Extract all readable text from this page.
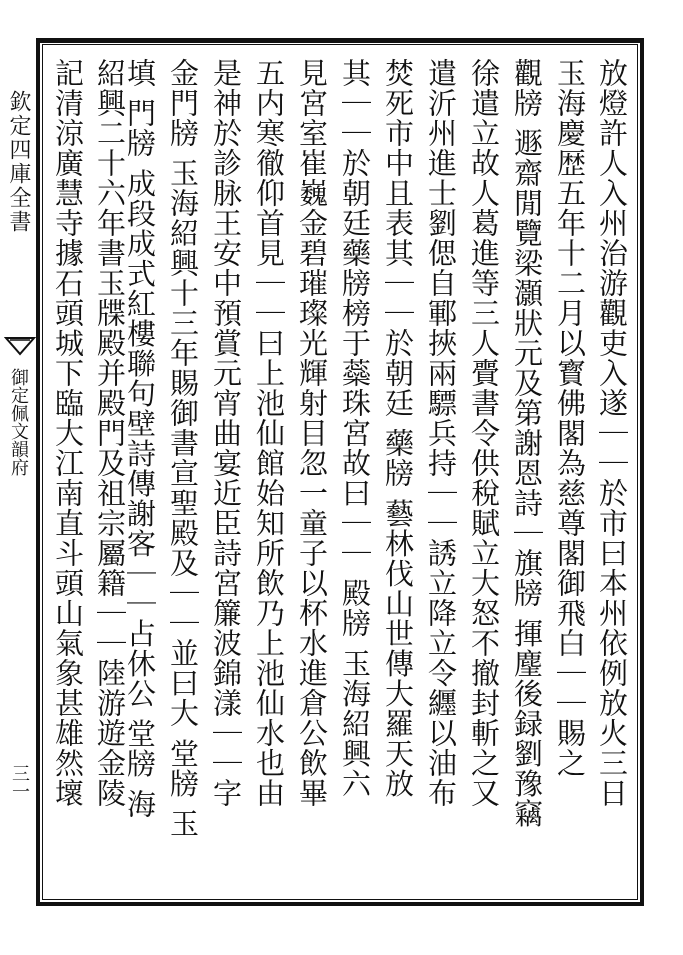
欽定四庫全書
御定佩文韻府
三一	放燈許人入州治游觀吏入遂｜｜於市曰本州依例放火三日
玉海慶歴五年十二月以寳佛閣為慈尊閣御飛白｜｜賜之
觀牓 遯齋閒覽梁灝狀元及第謝恩詩｜旗牓 揮麈後録劉豫竊
徐遣立故人葛進等三人賷書令供稅賦立大怒不撤封斬之又
遣沂州進士劉偲自鄆挾兩驃兵持｜｜誘立降立令纒以油布
焚死市中且表其｜｜於朝廷 藥牓 藝林伐山世傳大羅天放
其｜｜於朝廷藥牓榜于蘂珠宮故曰｜｜ 殿牓 玉海紹興六
見宮室崔巍金碧璀璨光輝射目忽一童子以杯水進倉公飲畢
五内寒徹仰首見｜｜曰上池仙館始知所飲乃上池仙水也由
是神於診脉王安中預賞元宵曲宴近臣詩宮簾波錦漾｜｜字
金門牓 玉海紹興十三年賜御書宣聖殿及｜｜並曰大 堂牓 玉
填 門牓 成段成式紅樓聯句壁詩傳謝客｜｜占休公 堂牓 海
紹興二十六年書玉牒殿并殿門及祖宗屬籍｜｜陸游遊金陵
記清涼廣慧寺據石頭城下臨大江南直斗頭山氣象甚雄然壞
